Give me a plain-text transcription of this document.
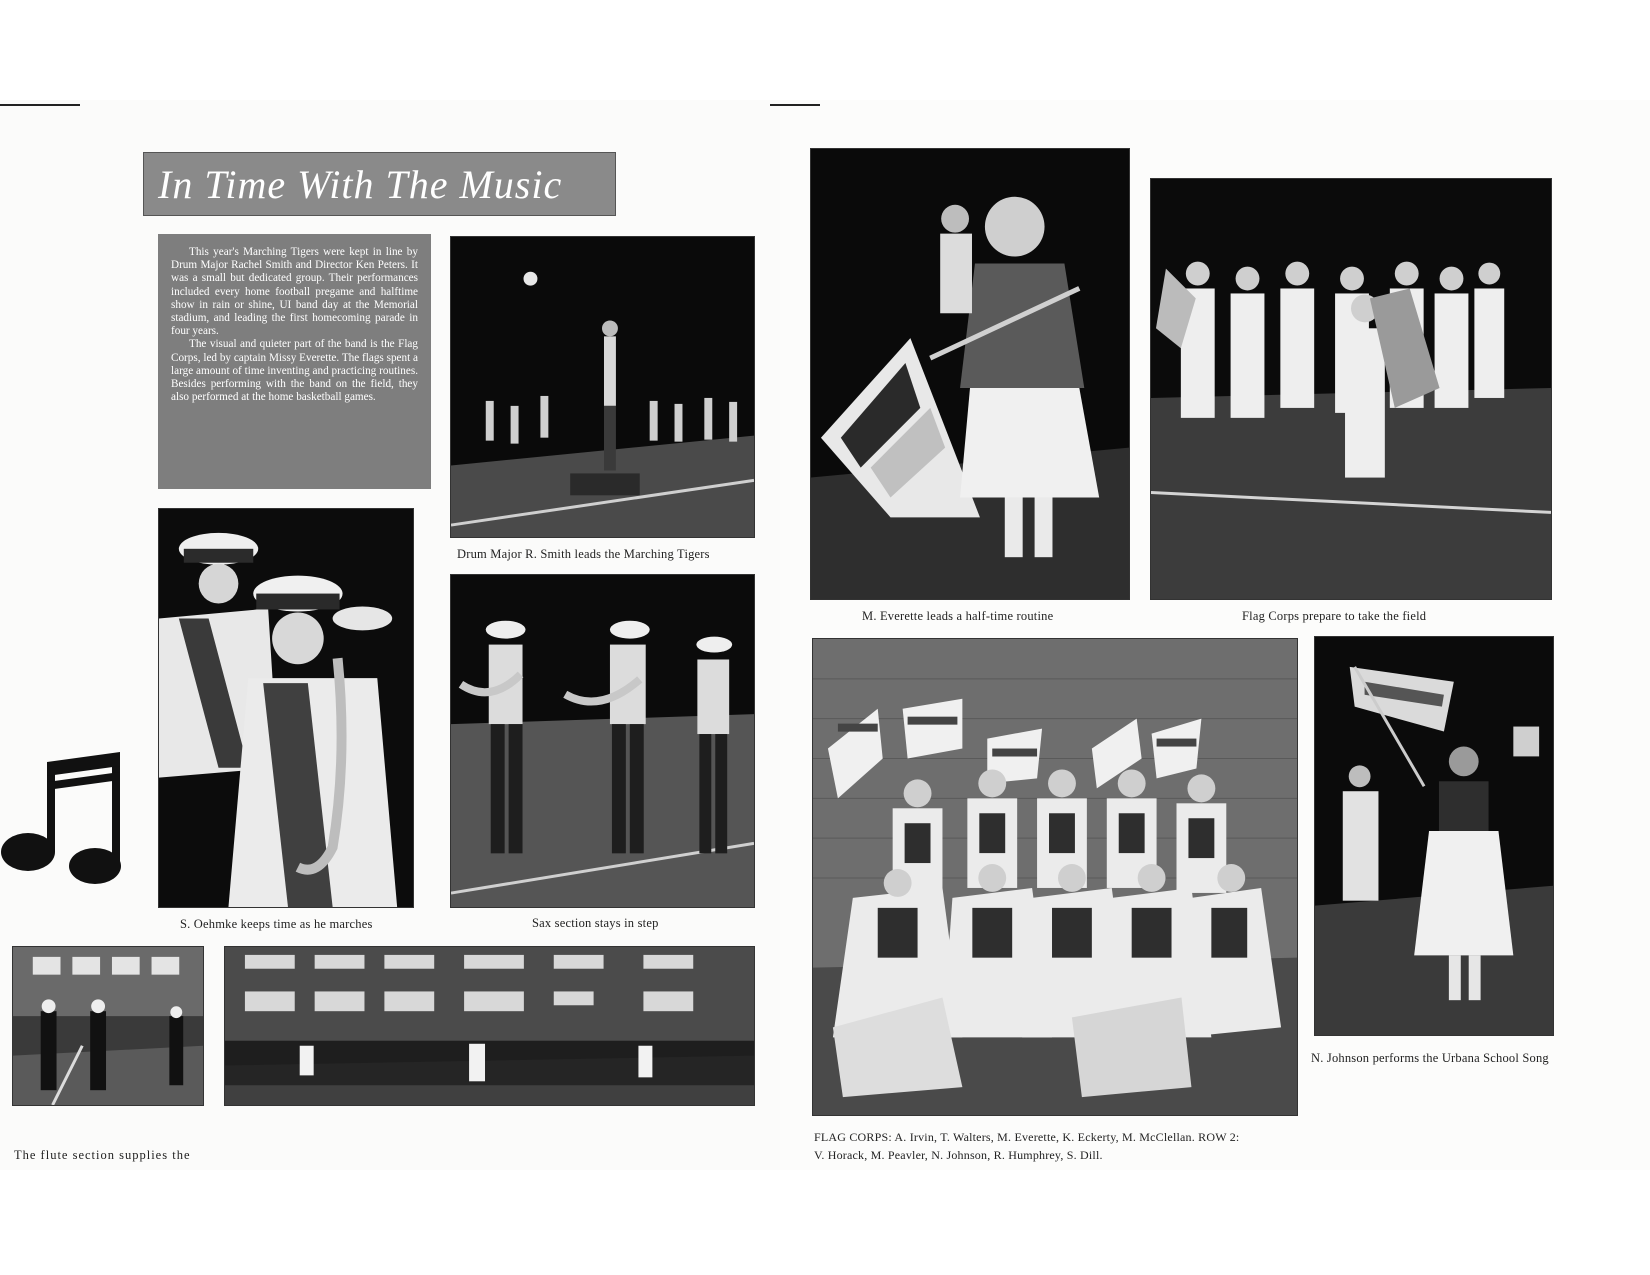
In Time With The Music

This year's Marching Tigers were kept in line by Drum Major Rachel Smith and Director Ken Peters. It was a small but dedicated group. Their performances included every home football pregame and halftime show in rain or shine, UI band day at the Memorial stadium, and leading the first homecoming parade in four years.

The visual and quieter part of the band is the Flag Corps, led by captain Missy Everette. The flags spent a large amount of time inventing and practicing routines. Besides performing with the band on the field, they also performed at the home basketball games.

Drum Major R. Smith leads the Marching Tigers
S. Oehmke keeps time as he marches	Sax section stays in step
The flute section supplies the
M. Everette leads a half-time routine	Flag Corps prepare to take the field
FLAG CORPS: A. Irvin, T. Walters, M. Everette, K. Eckerty, M. McClellan. ROW 2:
V. Horack, M. Peavler, N. Johnson, R. Humphrey, S. Dill.
N. Johnson performs the Urbana School Song
